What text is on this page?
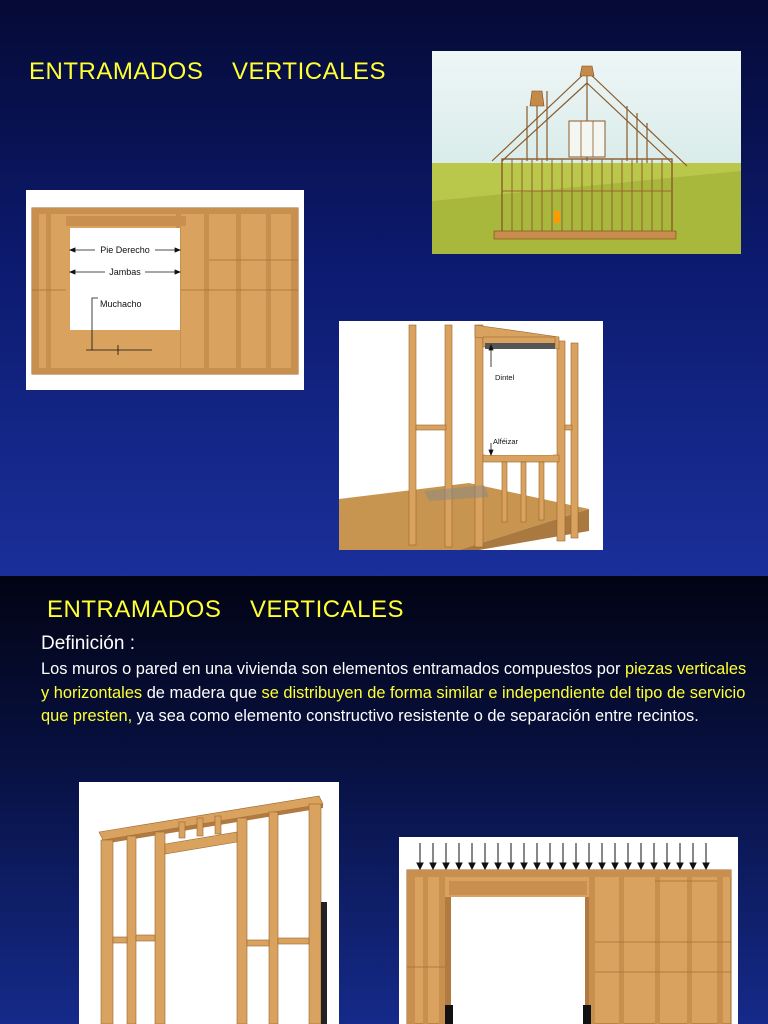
ENTRAMADOS    VERTICALES
Pie Derecho
Jambas
Muchacho
Dintel
Alféizar
ENTRAMADOS    VERTICALES
Definición :
Los muros o pared en una vivienda son elementos entramados compuestos por piezas verticales y horizontales de madera que se distribuyen de forma similar e independiente del tipo de servicio que presten, ya sea como elemento constructivo resistente o de separación entre recintos.
